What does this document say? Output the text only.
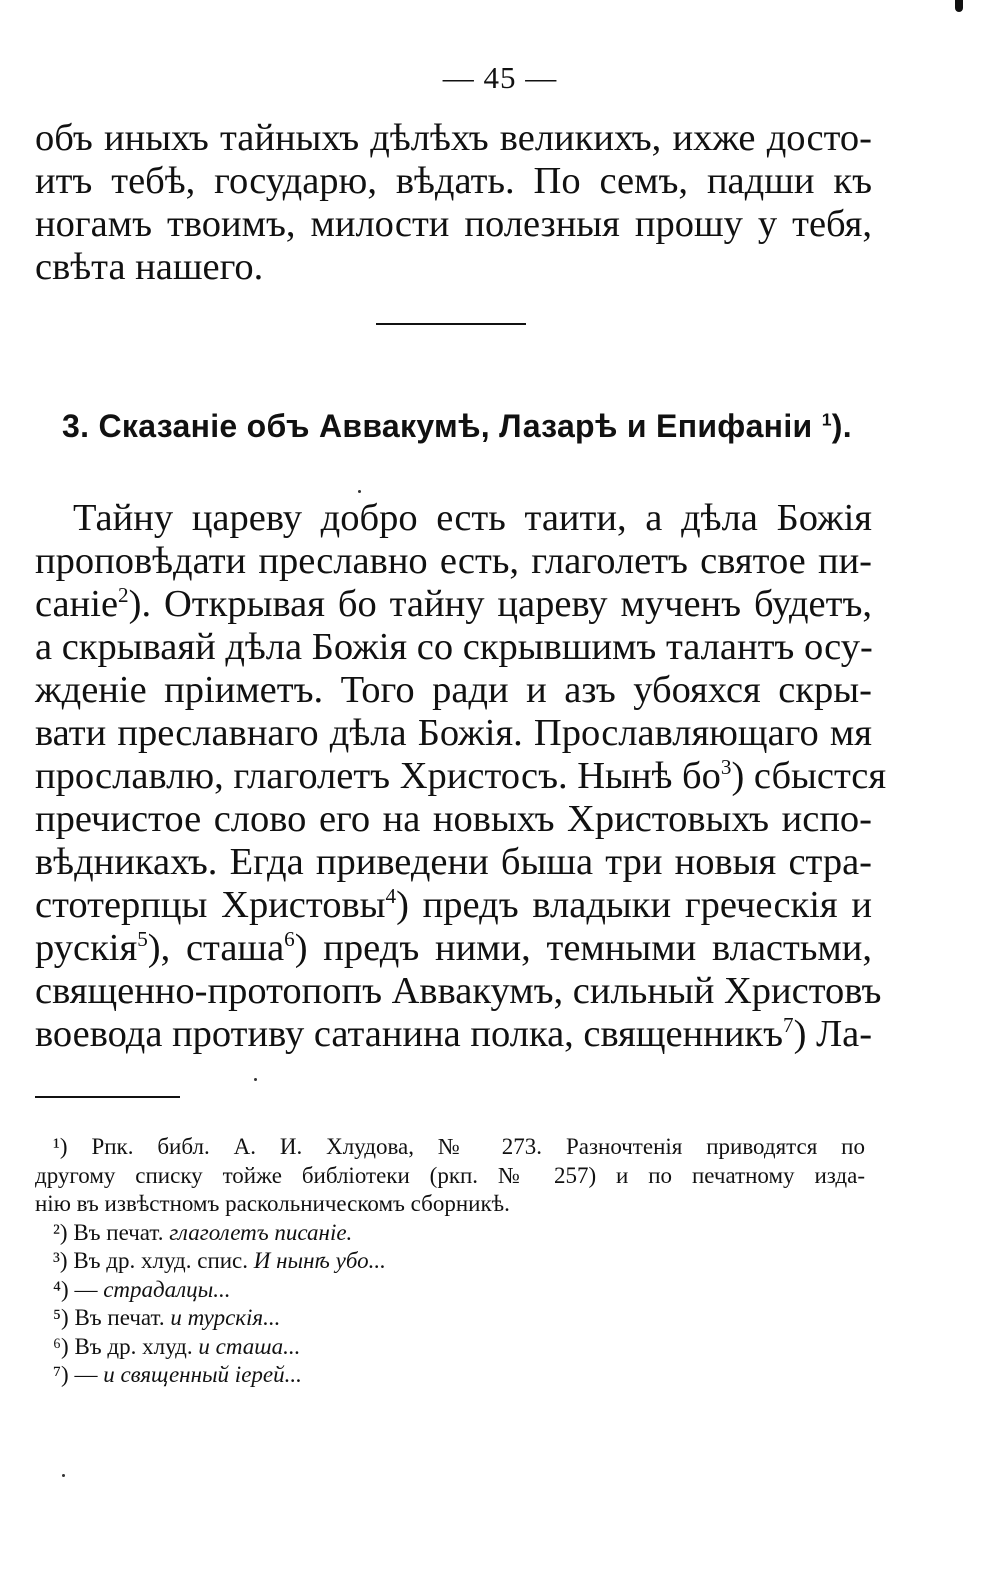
— 45 —
объ иныхъ тайныхъ дѣлѣхъ великихъ, ихже досто-
итъ тебѣ, государю, вѣдать. По семъ, падши къ
ногамъ твоимъ, милости полезныя прошу у тебя,
свѣта нашего.
3. Сказаніе объ Аввакумѣ, Лазарѣ и Епифаніи $^1$).
Тайну цареву добро есть таити, а дѣла Божія
проповѣдати преславно есть, глаголетъ святое пи-
саніе$^2$). Открывая бо тайну цареву мученъ будетъ,
а скрываяй дѣла Божія со скрывшимъ талантъ осу-
жденіе пріиметъ. Того ради и азъ убояхся скры-
вати преславнаго дѣла Божія. Прославляющаго мя
прославлю, глаголетъ Христосъ. Нынѣ $бо^3$) сбыстся
пречистое слово его на новыхъ Христовыхъ испо-
вѣдникахъ. Егда приведени быша три новыя стра-
стотерпцы Христовы$^4$) предъ владыки греческія и
рускія$^5$), сташа$^6$) предъ ними, темными властьми,
священно-протопопъ Аввакумъ, сильный Христовъ
воевода противу сатанина полка, священникъ$^7$) Ла-
¹) Рпк. библ. А. И. Хлудова, № 273. Разночтенія приводятся по
другому списку тойже библіотеки (ркп. № 257) и по печатному изда-
нію въ извѣстномъ раскольническомъ сборникѣ.
²) Въ печат. глаголетъ писаніе.
³) Въ др. хлуд. спис. И нынѣ убо...
⁴) — страдалцы...
⁵) Въ печат. и турскія...
⁶) Въ др. хлуд. и сташа...
⁷) — и священный іерей...
